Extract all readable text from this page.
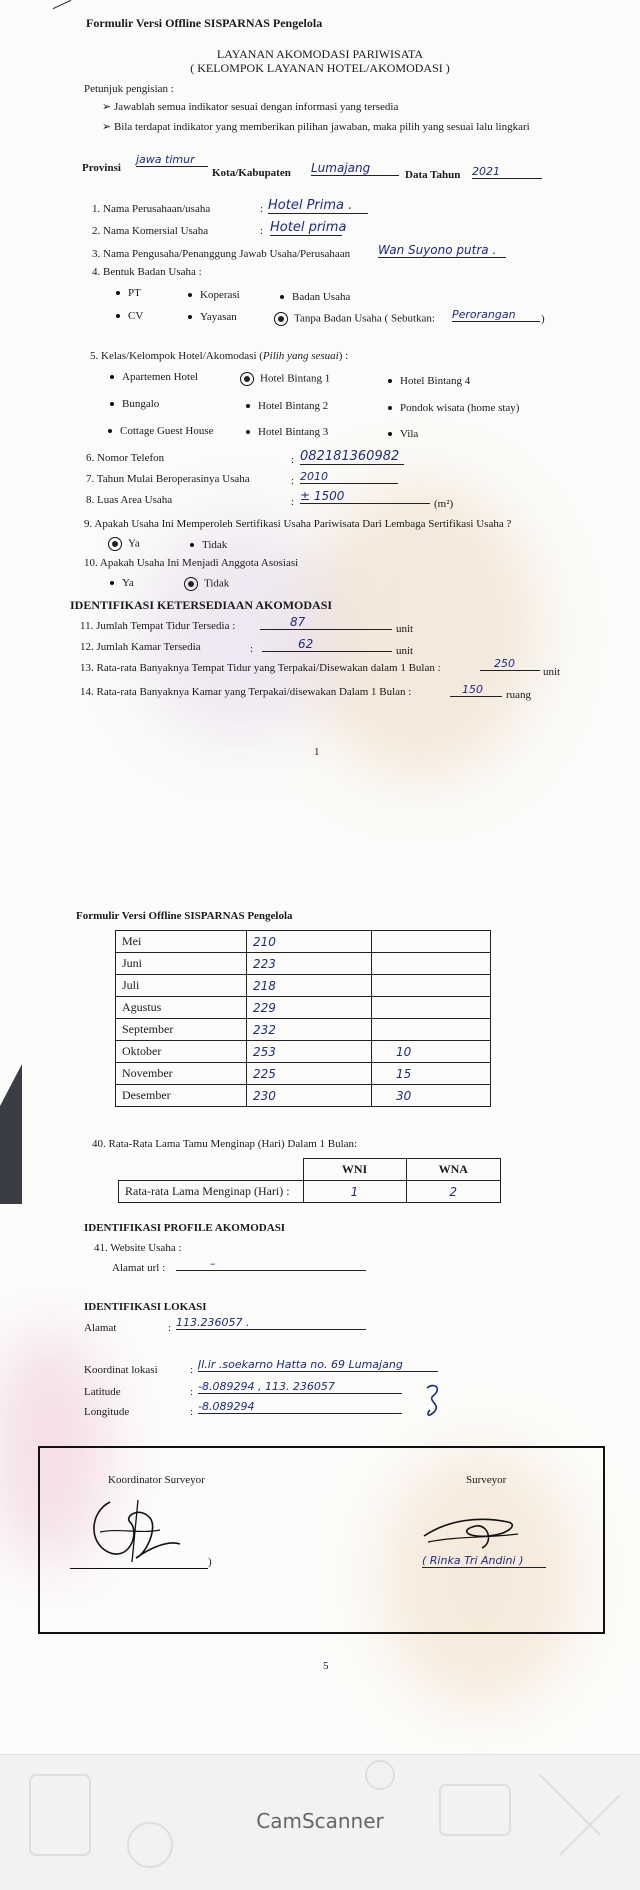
Formulir Versi Offline SISPARNAS Pengelola
LAYANAN AKOMODASI PARIWISATA
( KELOMPOK LAYANAN HOTEL/AKOMODASI )
Petunjuk pengisian :
➢ Jawablah semua indikator sesuai dengan informasi yang tersedia
➢ Bila terdapat indikator yang memberikan pilihan jawaban, maka pilih yang sesuai lalu lingkari
Provinsi
jawa timur
Kota/Kabupaten Lumajang	Data Tahun 2021
1. Nama Perusahaan/usaha	: Hotel Prima .
2. Nama Komersial Usaha	: Hotel prima
3. Nama Pengusaha/Penanggung Jawab Usaha/Perusahaan Wan Suyono putra .
4. Bentuk Badan Usaha :
PT	Koperasi	Badan Usaha
CV	Yayasan	Tanpa Badan Usaha ( Sebutkan: Perorangan	)
5. Kelas/Kelompok Hotel/Akomodasi (Pilih yang sesuai) :
Apartemen Hotel	Hotel Bintang 1	Hotel Bintang 4
Bungalo	Hotel Bintang 2	Pondok wisata (home stay)
Cottage Guest House	Hotel Bintang 3	Vila
6. Nomor Telefon	: 082181360982
7. Tahun Mulai Beroperasinya Usaha	: 2010
8. Luas Area Usaha	: ± 1500
(m²)
9. Apakah Usaha Ini Memperoleh Sertifikasi Usaha Pariwisata Dari Lembaga Sertifikasi Usaha ?
Ya	Tidak
10. Apakah Usaha Ini Menjadi Anggota Asosiasi
Ya	Tidak
IDENTIFIKASI KETERSEDIAAN AKOMODASI
11. Jumlah Tempat Tidur Tersedia :	87	unit
12. Jumlah Kamar Tersedia	:	62	unit
13. Rata-rata Banyaknya Tempat Tidur yang Terpakai/Disewakan dalam 1 Bulan :	250
unit
14. Rata-rata Banyaknya Kamar yang Terpakai/disewakan Dalam 1 Bulan :	150	ruang
1
Formulir Versi Offline SISPARNAS Pengelola
Mei	210	
Juni	223	
Juli	218	
Agustus	229	
September	232	
Oktober	253	10
November	225	15
Desember	230	30
40. Rata-Rata Lama Tamu Menginap (Hari) Dalam 1 Bulan:
	WNI	WNA
Rata-rata Lama Menginap (Hari) :	1	2
IDENTIFIKASI PROFILE AKOMODASI
41. Website Usaha :
Alamat url :	–
IDENTIFIKASI LOKASI
Alamat	: 113.236057 .
Koordinat lokasi	: Jl.ir .soekarno Hatta no. 69 Lumajang
Latitude	: -8.089294 , 113. 236057
Longitude	: -8.089294
Koordinator Surveyor
)
Surveyor
( Rinka Tri Andini )
5
CamScanner
